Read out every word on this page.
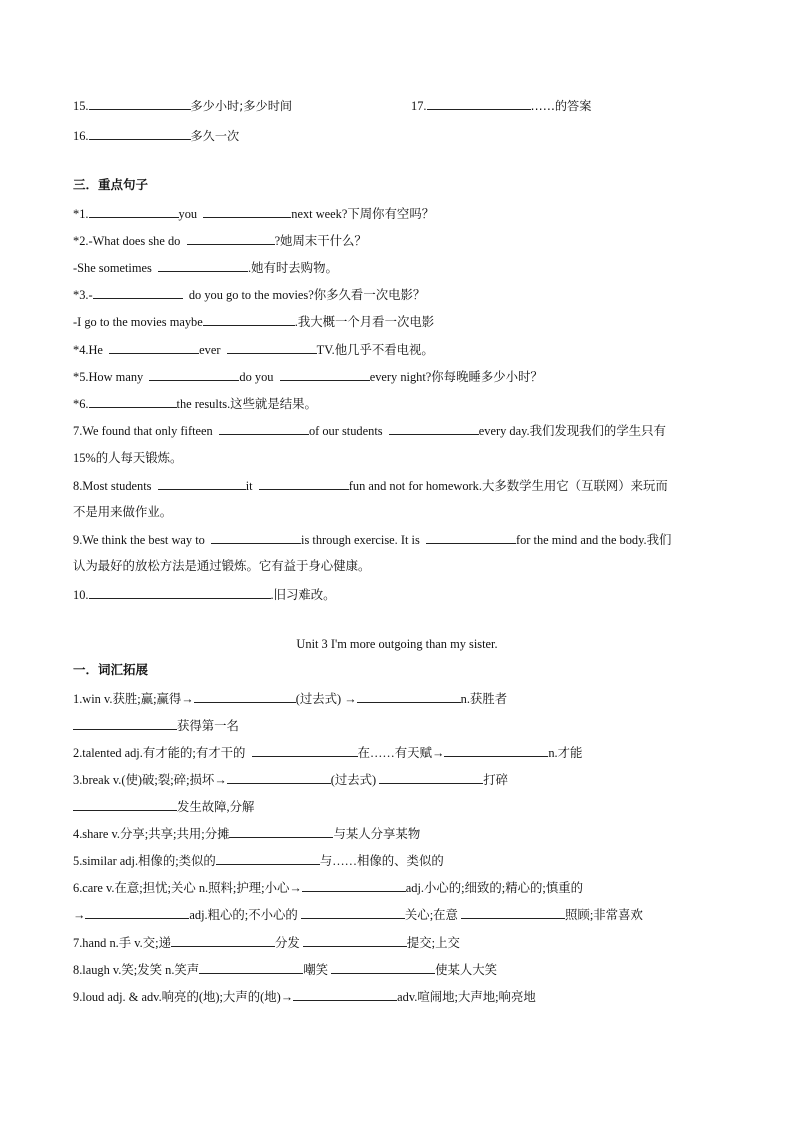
15.	多少小时;多少时间	17.	……的答案
16.	多久一次
三．重点句子
*1.	you	next week?下周你有空吗？
*2.-What does she do	?她周末干什么？
-She sometimes	.她有时去购物。
*3.-	do you go to the movies?你多久看一次电影？
-I go to the movies maybe	.我大概一个月看一次电影
*4.He	ever	TV.他几乎不看电视。
*5.How many	do you	every night?你每晚睡多少小时？
*6.	the results.这些就是结果。
7.We found that only fifteen	of our students	every day.我们发现我们的学生只有
15%的人每天锻炼。
8.Most students	it	fun and not for homework.大多数学生用它（互联网）来玩而
不是用来做作业。
9.We think the best way to	is through exercise. It is	for the mind and the body.我们
认为最好的放松方法是通过锻炼。它有益于身心健康。
10.	.旧习难改。
Unit 3 I'm more outgoing than my sister.
一．词汇拓展
1.win v.获胜;赢;赢得→	(过去式) →	n.获胜者
获得第一名
2.talented adj.有才能的;有才干的	在……有天赋→	n.才能
3.break v.(使)破;裂;碎;损坏→	(过去式)	打碎
发生故障,分解
4.share v.分享;共享;共用;分摊	与某人分享某物
5.similar adj.相像的;类似的	与……相像的、类似的
6.care v.在意;担忧;关心 n.照料;护理;小心→	adj.小心的;细致的;精心的;慎重的
→	adj.粗心的;不小心的	关心;在意	照顾;非常喜欢
7.hand n.手 v.交;递	分发	提交;上交
8.laugh v.笑;发笑 n.笑声	嘲笑	使某人大笑
9.loud adj. & adv.响亮的(地);大声的(地)→	adv.喧闹地;大声地;响亮地
